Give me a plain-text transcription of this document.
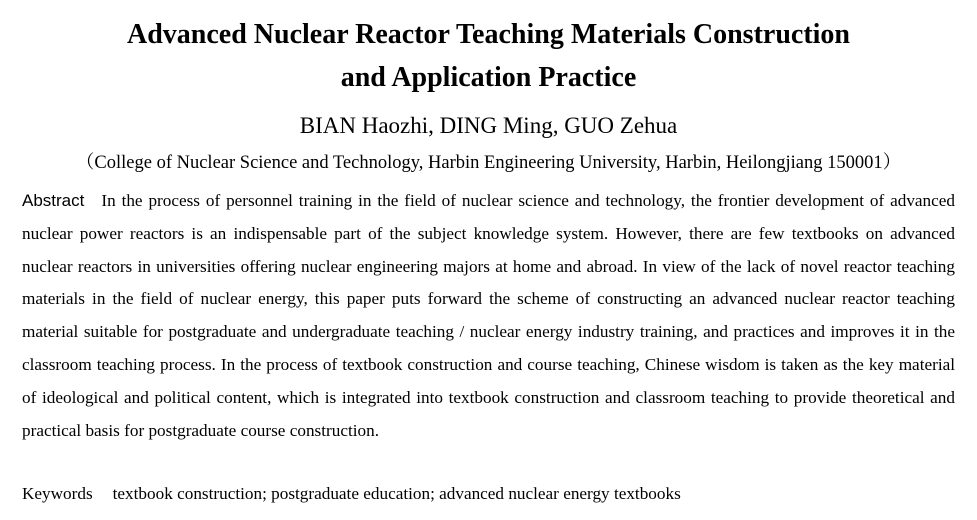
Advanced Nuclear Reactor Teaching Materials Construction
and Application Practice
BIAN Haozhi, DING Ming, GUO Zehua
（College of Nuclear Science and Technology, Harbin Engineering University, Harbin, Heilongjiang 150001）

Abstract In the process of personnel training in the field of nuclear science and technology, the frontier development of advanced nuclear power reactors is an indispensable part of the subject knowledge system. However, there are few textbooks on advanced nuclear reactors in universities offering nuclear engineering majors at home and abroad. In view of the lack of novel reactor teaching materials in the field of nuclear energy, this paper puts forward the scheme of constructing an advanced nuclear reactor teaching material suitable for postgraduate and undergraduate teaching / nuclear energy industry training, and practices and improves it in the classroom teaching process. In the process of textbook construction and course teaching, Chinese wisdom is taken as the key material of ideological and political content, which is integrated into textbook construction and classroom teaching to provide theoretical and practical basis for postgraduate course construction.

Keywords textbook construction; postgraduate education; advanced nuclear energy textbooks
